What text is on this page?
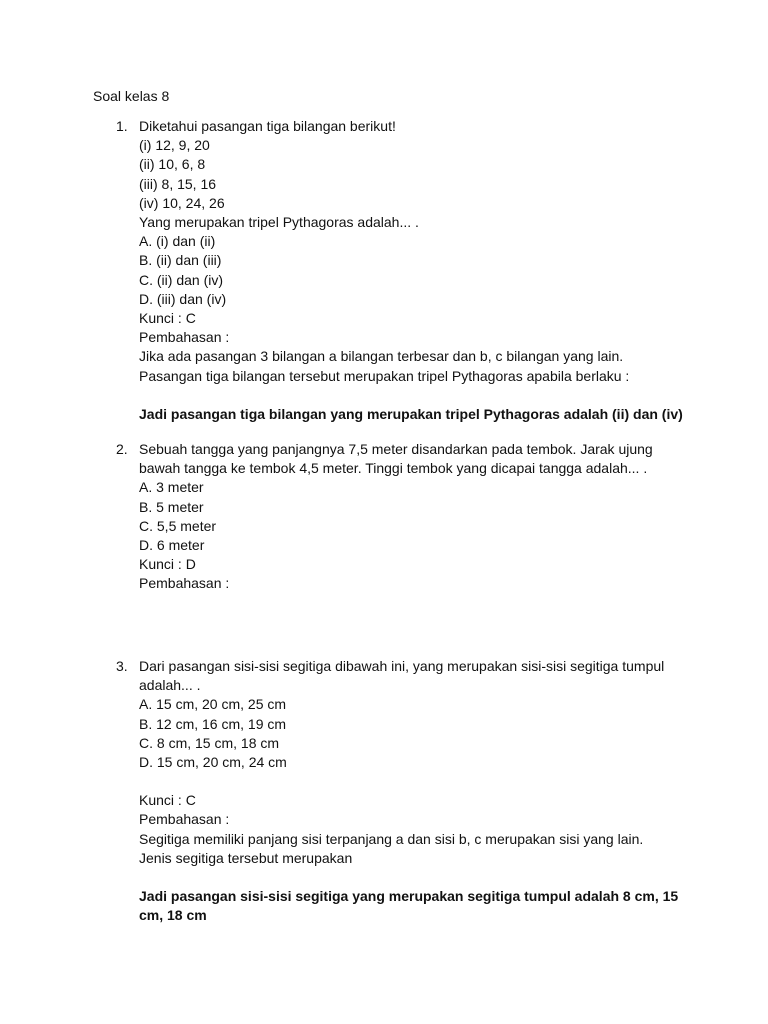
Soal kelas 8
1. Diketahui pasangan tiga bilangan berikut!
(i) 12, 9, 20
(ii) 10, 6, 8
(iii) 8, 15, 16
(iv) 10, 24, 26
Yang merupakan tripel Pythagoras adalah... .
A. (i) dan (ii)
B. (ii) dan (iii)
C. (ii) dan (iv)
D. (iii) dan (iv)
Kunci : C
Pembahasan :
Jika ada pasangan 3 bilangan a bilangan terbesar dan b, c bilangan yang lain.
Pasangan tiga bilangan tersebut merupakan tripel Pythagoras apabila berlaku :
Jadi pasangan tiga bilangan yang merupakan tripel Pythagoras adalah (ii) dan (iv)
2. Sebuah tangga yang panjangnya 7,5 meter disandarkan pada tembok. Jarak ujung
bawah tangga ke tembok 4,5 meter. Tinggi tembok yang dicapai tangga adalah... .
A. 3 meter
B. 5 meter
C. 5,5 meter
D. 6 meter
Kunci : D
Pembahasan :
3. Dari pasangan sisi-sisi segitiga dibawah ini, yang merupakan sisi-sisi segitiga tumpul
adalah... .
A. 15 cm, 20 cm, 25 cm
B. 12 cm, 16 cm, 19 cm
C. 8 cm, 15 cm, 18 cm
D. 15 cm, 20 cm, 24 cm
Kunci : C
Pembahasan :
Segitiga memiliki panjang sisi terpanjang a dan sisi b, c merupakan sisi yang lain.
Jenis segitiga tersebut merupakan
Jadi pasangan sisi-sisi segitiga yang merupakan segitiga tumpul adalah 8 cm, 15
cm, 18 cm
